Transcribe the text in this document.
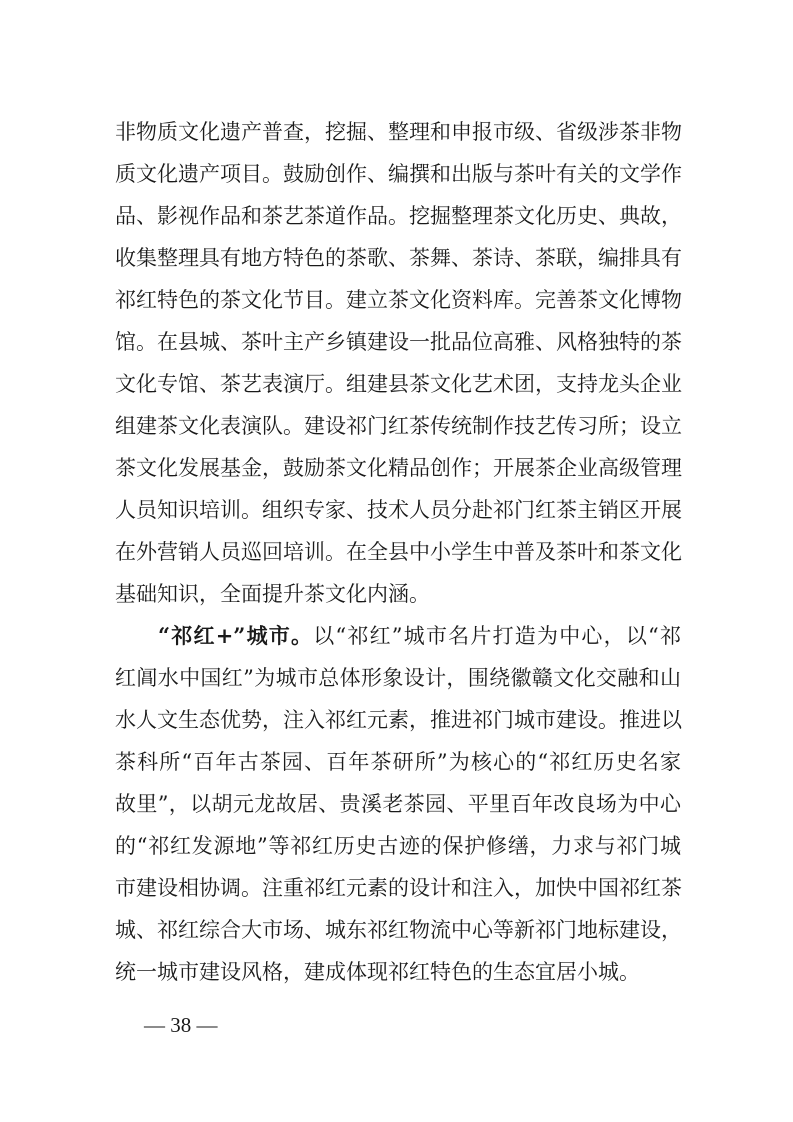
非物质文化遗产普查，挖掘、整理和申报市级、省级涉茶非物
质文化遗产项目。鼓励创作、编撰和出版与茶叶有关的文学作
品、影视作品和茶艺茶道作品。挖掘整理茶文化历史、典故，
收集整理具有地方特色的茶歌、茶舞、茶诗、茶联，编排具有
祁红特色的茶文化节目。建立茶文化资料库。完善茶文化博物
馆。在县城、茶叶主产乡镇建设一批品位高雅、风格独特的茶
文化专馆、茶艺表演厅。组建县茶文化艺术团，支持龙头企业
组建茶文化表演队。建设祁门红茶传统制作技艺传习所；设立
茶文化发展基金，鼓励茶文化精品创作；开展茶企业高级管理
人员知识培训。组织专家、技术人员分赴祁门红茶主销区开展
在外营销人员巡回培训。在全县中小学生中普及茶叶和茶文化
基础知识，全面提升茶文化内涵。
“祁红+”城市。以“祁红”城市名片打造为中心，以“祁
红阊水中国红”为城市总体形象设计，围绕徽赣文化交融和山
水人文生态优势，注入祁红元素，推进祁门城市建设。推进以
茶科所“百年古茶园、百年茶研所”为核心的“祁红历史名家
故里”，以胡元龙故居、贵溪老茶园、平里百年改良场为中心
的“祁红发源地”等祁红历史古迹的保护修缮，力求与祁门城
市建设相协调。注重祁红元素的设计和注入，加快中国祁红茶
城、祁红综合大市场、城东祁红物流中心等新祁门地标建设，
统一城市建设风格，建成体现祁红特色的生态宜居小城。
— 38 —
